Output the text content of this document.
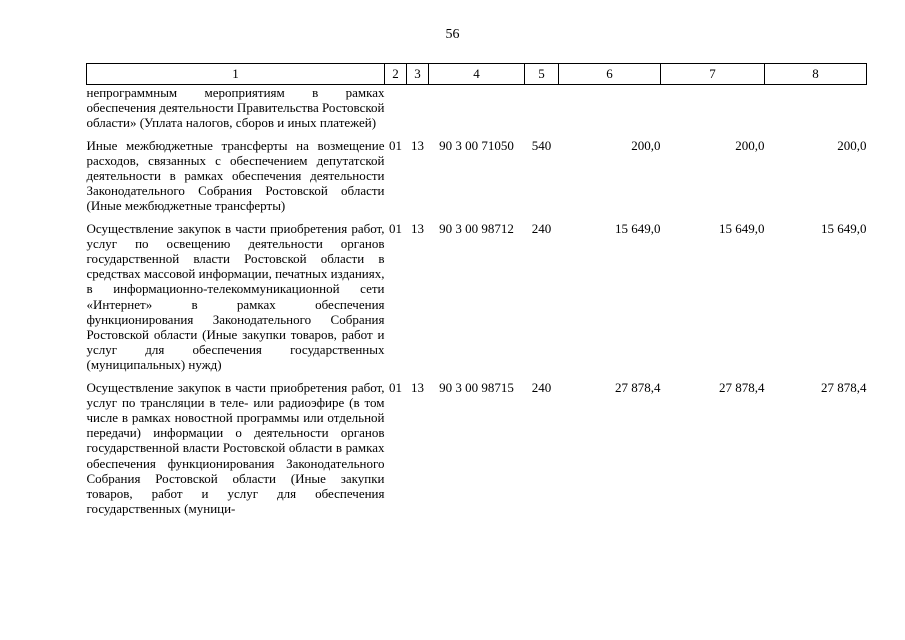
56
1	2	3	4	5	6	7	8
непрограммным мероприятиям в рамках обеспечения деятельности Правительства Ростовской области» (Уплата налогов, сборов и иных платежей)							
Иные межбюджетные трансферты на возмещение расходов, связанных с обеспечением депутатской деятельности в рамках обеспечения деятельности Законодательного Собрания Ростовской области (Иные межбюджетные трансферты)	01	13	90 3 00 71050	540	200,0	200,0	200,0
Осуществление закупок в части приобретения работ, услуг по освещению деятельности органов государственной власти Ростовской области в средствах массовой информации, печатных изданиях, в информационно-телекоммуникационной сети «Интернет» в рамках обеспечения функционирования Законодательного Собрания Ростовской области (Иные закупки товаров, работ и услуг для обеспечения государственных (муниципальных) нужд)	01	13	90 3 00 98712	240	15 649,0	15 649,0	15 649,0
Осуществление закупок в части приобретения работ, услуг по трансляции в теле- или радиоэфире (в том числе в рамках новостной программы или отдельной передачи) информации о деятельности органов государственной власти Ростовской области в рамках обеспечения функционирования Законодательного Собрания Ростовской области (Иные закупки товаров, работ и услуг для обеспечения государственных (муници-	01	13	90 3 00 98715	240	27 878,4	27 878,4	27 878,4
